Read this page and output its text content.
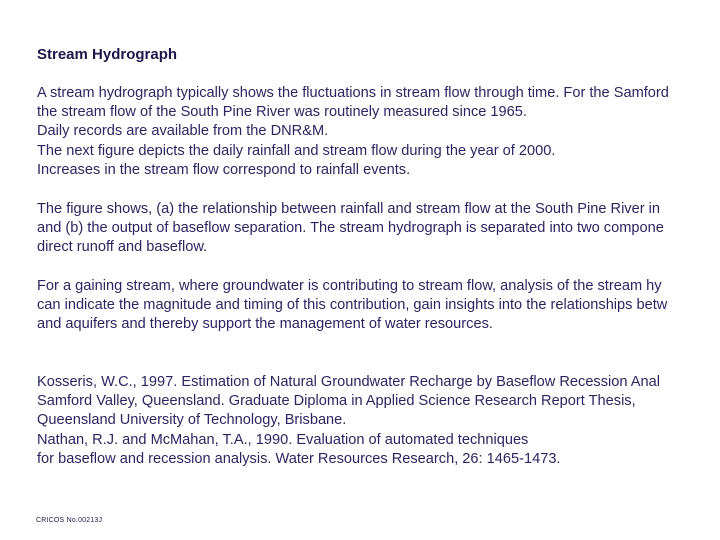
Stream Hydrograph
A stream hydrograph typically shows the fluctuations in stream flow through time. For the Samford
the stream flow of the South Pine River was routinely measured since 1965.
Daily records are available from the DNR&M.
The next figure depicts the daily rainfall and stream flow during the year of 2000.
Increases in the stream flow correspond to rainfall events.
The figure shows, (a) the relationship between rainfall and stream flow at the South Pine River in
and (b) the output of baseflow separation. The stream hydrograph is separated into two compone
direct runoff and baseflow.
For a gaining stream, where groundwater is contributing to stream flow, analysis of the stream hy
can indicate the magnitude and timing of this contribution, gain insights into the relationships betw
and aquifers and thereby support the management of water resources.
Kosseris, W.C., 1997. Estimation of Natural Groundwater Recharge by Baseflow Recession Anal
Samford Valley, Queensland. Graduate Diploma in Applied Science Research Report Thesis,
Queensland University of Technology, Brisbane.
Nathan, R.J. and McMahan, T.A., 1990. Evaluation of automated techniques
for baseflow and recession analysis. Water Resources Research, 26: 1465-1473.
CRICOS No.00213J
